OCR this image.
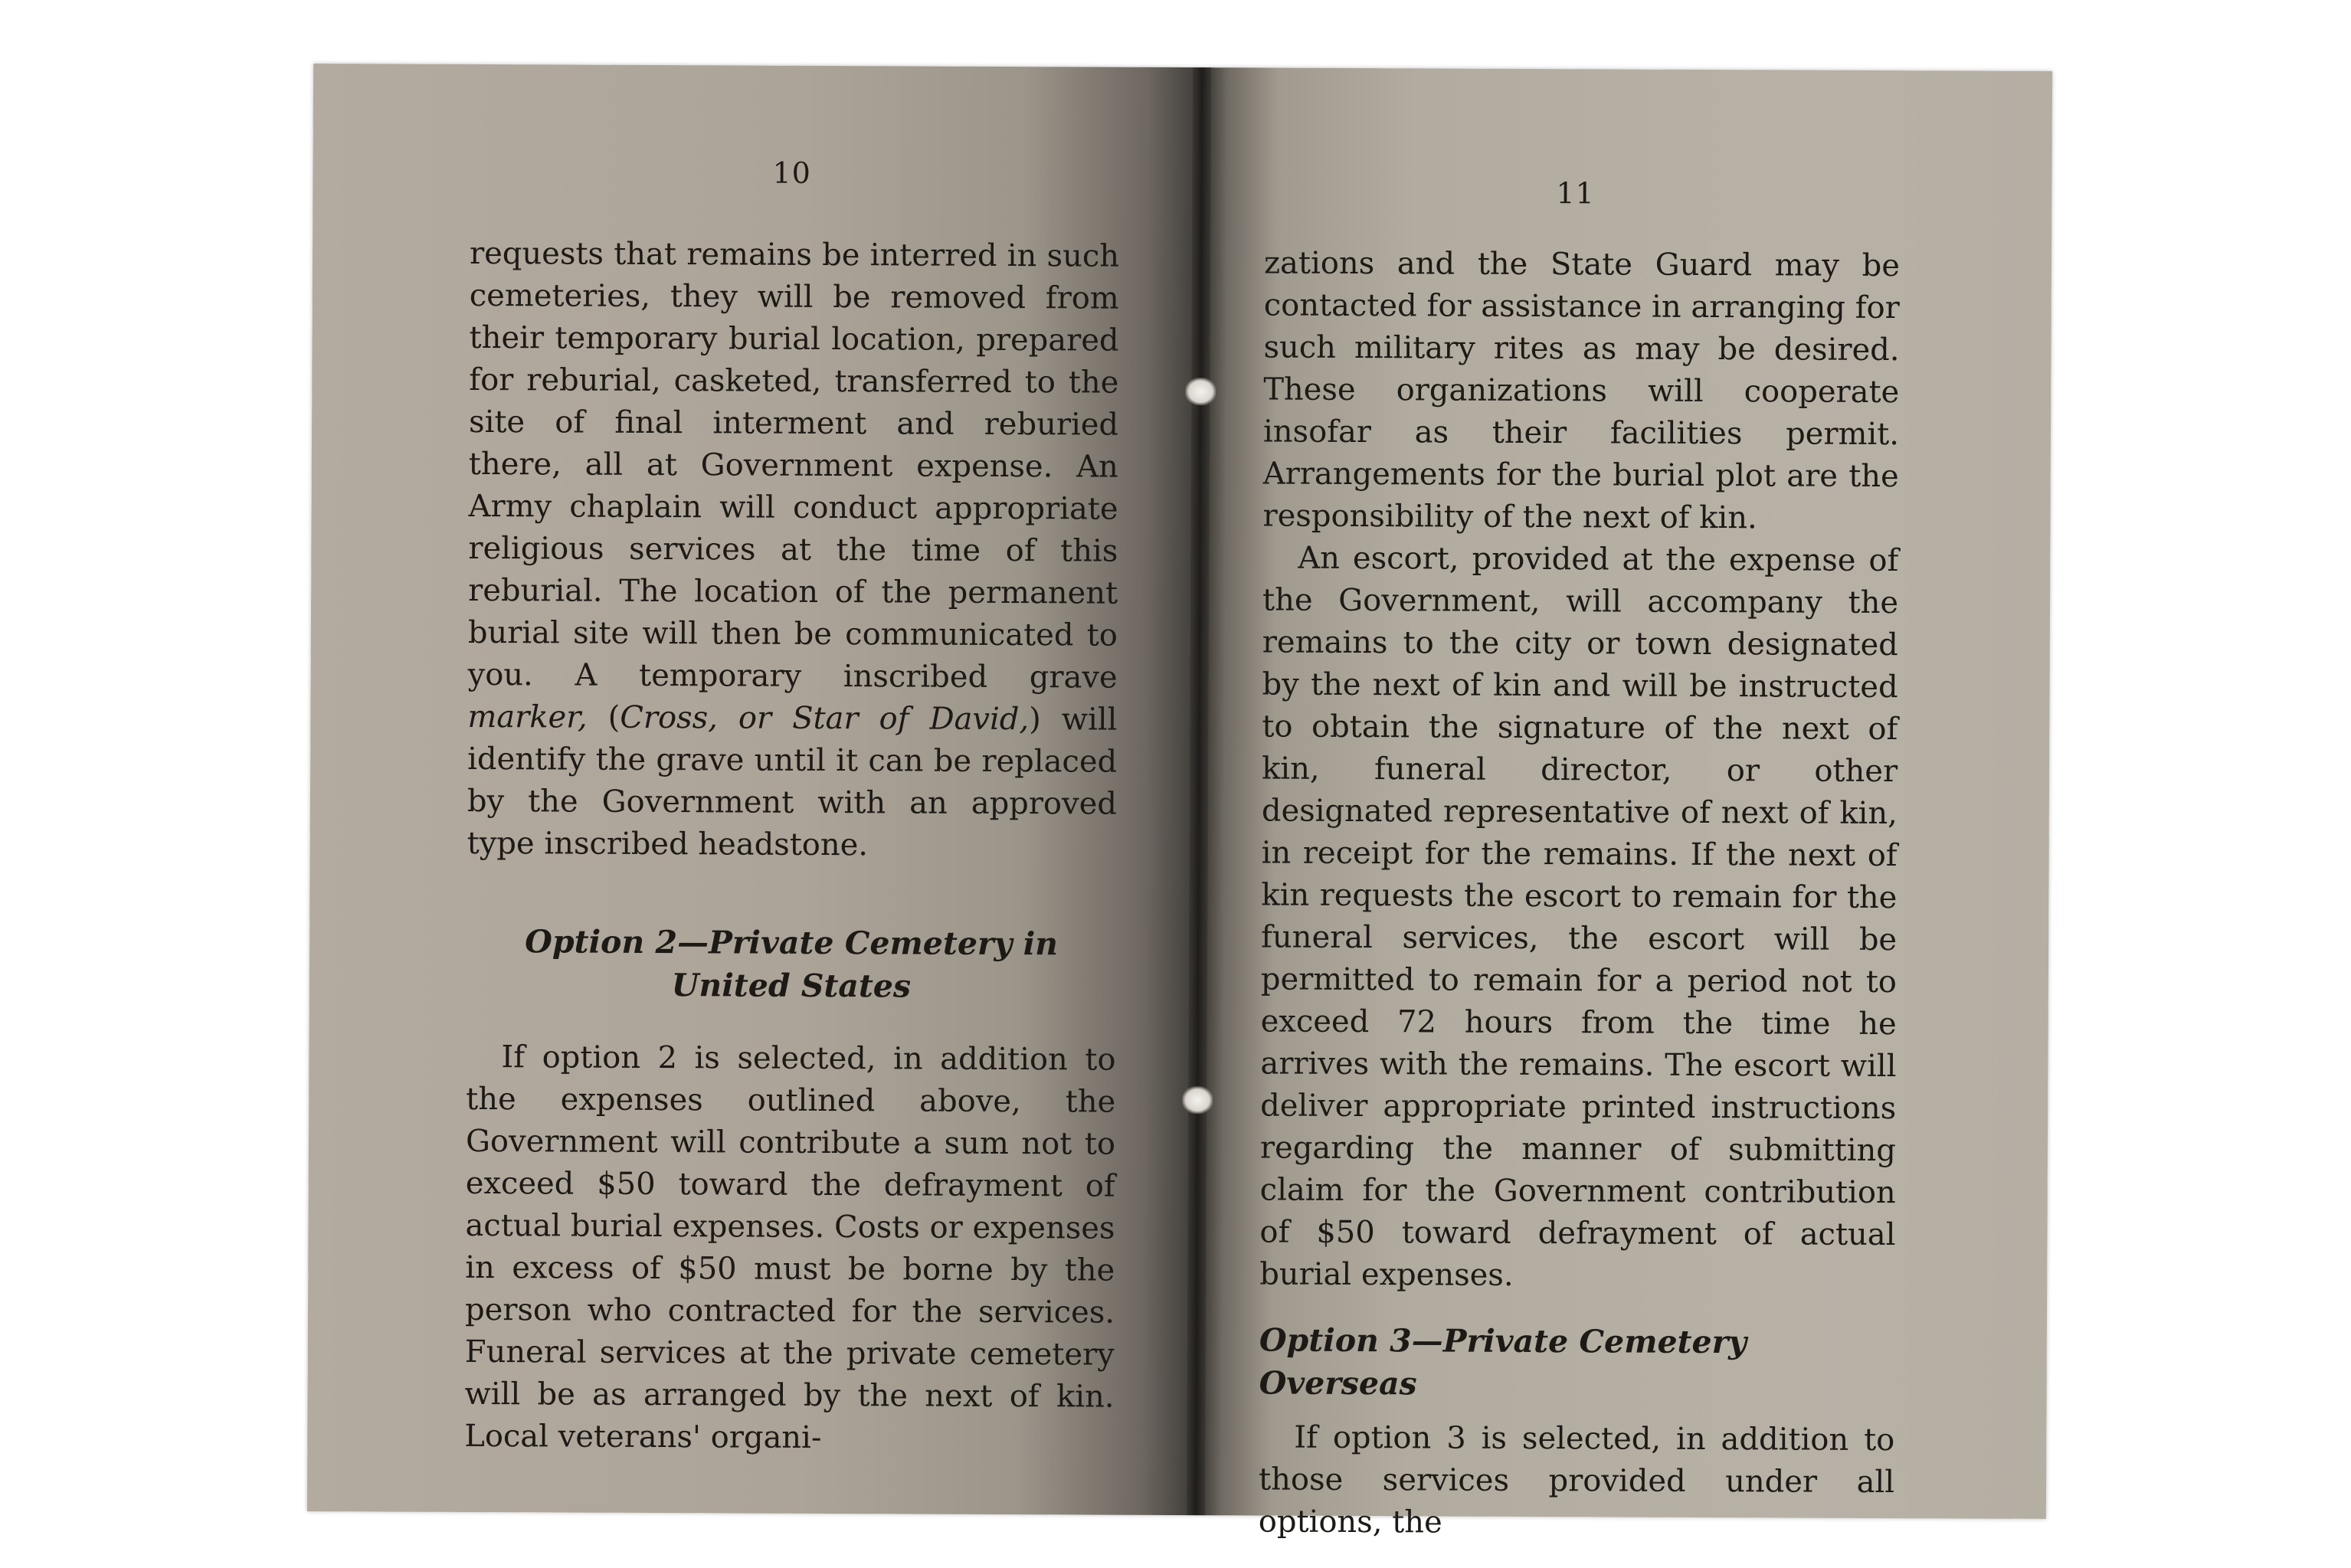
10

requests that remains be interred in such cemeteries, they will be removed from their temporary burial location, prepared for reburial, casketed, transferred to the site of final interment and reburied there, all at Government expense. An Army chaplain will conduct appropriate religious services at the time of this reburial. The location of the permanent burial site will then be communicated to you. A temporary inscribed grave marker, (Cross, or Star of David,) will identify the grave until it can be replaced by the Government with an approved type inscribed headstone.

Option 2—Private Cemetery in
United States

If option 2 is selected, in addition to the expenses outlined above, the Government will contribute a sum not to exceed $50 toward the defrayment of actual burial expenses. Costs or expenses in excess of $50 must be borne by the person who contracted for the services. Funeral services at the private cemetery will be as arranged by the next of kin. Local veterans' organi-

11

zations and the State Guard may be contacted for assistance in arranging for such military rites as may be desired. These organizations will cooperate insofar as their facilities permit. Arrangements for the burial plot are the responsibility of the next of kin.

An escort, provided at the expense of the Government, will accompany the remains to the city or town designated by the next of kin and will be instructed to obtain the signature of the next of kin, funeral director, or other designated representative of next of kin, in receipt for the remains. If the next of kin requests the escort to remain for the funeral services, the escort will be permitted to remain for a period not to exceed 72 hours from the time he arrives with the remains. The escort will deliver appropriate printed instructions regarding the manner of submitting claim for the Government contribution of $50 toward defrayment of actual burial expenses.

Option 3—Private Cemetery Overseas

If option 3 is selected, in addition to those services provided under all options, the
